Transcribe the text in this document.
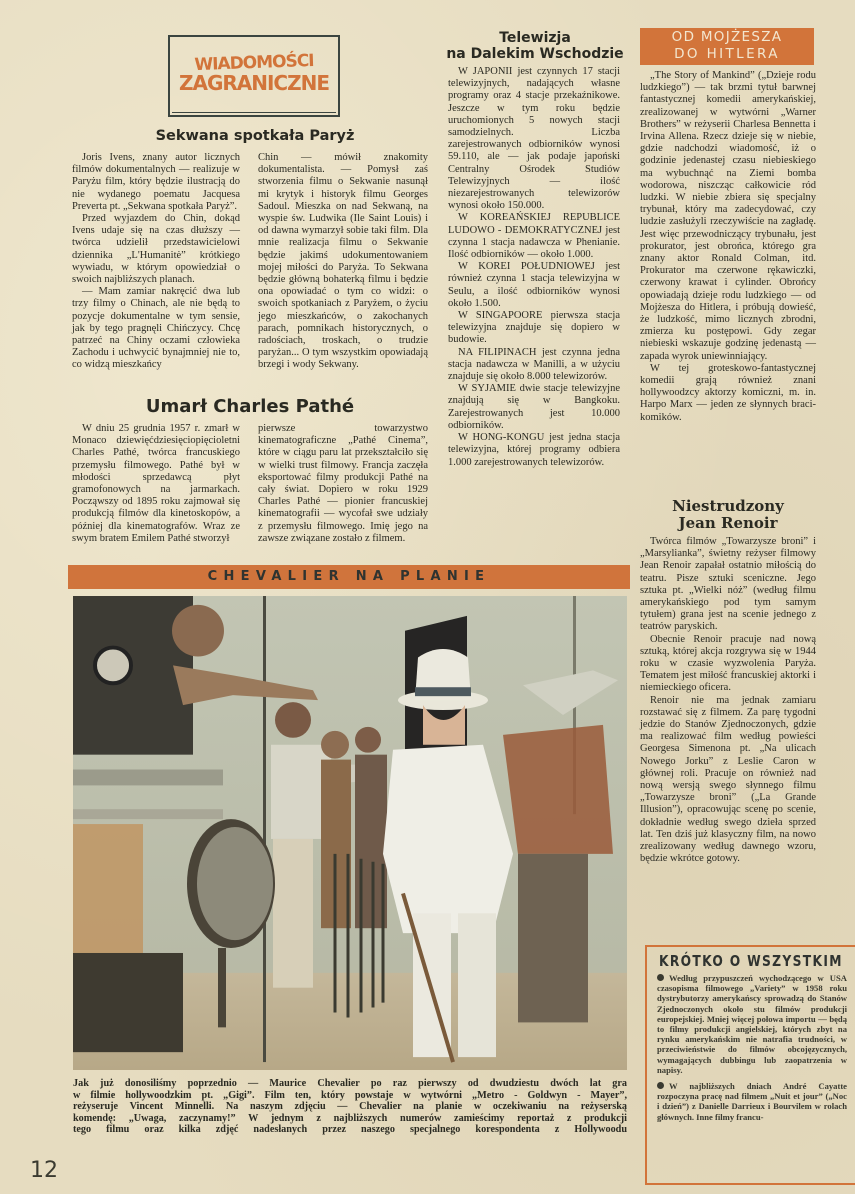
WIADOMOŚCI
ZAGRANICZNE
Sekwana spotkała Paryż

Joris Ivens, znany autor licznych filmów dokumentalnych — realizuje w Paryżu film, który będzie ilustracją do nie wydanego poematu Jacquesa Preverta pt. „Sekwana spotkała Paryż”.

Przed wyjazdem do Chin, dokąd Ivens udaje się na czas dłuższy — twórca udzielił przedstawicielowi dziennika „L'Humanitė” krótkiego wywiadu, w którym opowiedział o swoich najbliższych planach.

— Mam zamiar nakręcić dwa lub trzy filmy o Chinach, ale nie będą to pozycje dokumentalne w tym sensie, jak by tego pragnęli Chińczycy. Chcę patrzeć na Chiny oczami człowieka Zachodu i uchwycić bynajmniej nie to, co widzą mieszkańcy

Chin — mówił znakomity dokumentalista. — Pomysł zaś stworzenia filmu o Sekwanie nasunął mi krytyk i historyk filmu Georges Sadoul. Mieszka on nad Sekwaną, na wyspie św. Ludwika (Ile Saint Louis) i od dawna wymarzył sobie taki film. Dla mnie realizacja filmu o Sekwanie będzie jakimś udokumentowaniem mojej miłości do Paryża. To Sekwana będzie główną bohaterką filmu i będzie ona opowiadać o tym co widzi: o swoich spotkaniach z Paryżem, o życiu jego mieszkańców, o zakochanych parach, pomnikach historycznych, o radościach, troskach, o trudzie paryżan... O tym wszystkim opowiadają brzegi i wody Sekwany.

Umarł Charles Pathé

W dniu 25 grudnia 1957 r. zmarł w Monaco dziewięćdziesięciopięcioletni Charles Pathé, twórca francuskiego przemysłu filmowego. Pathé był w młodości sprzedawcą płyt gramofonowych na jarmarkach. Począwszy od 1895 roku zajmował się produkcją filmów dla kinetoskopów, a później dla kinematografów. Wraz ze swym bratem Emilem Pathé stworzył

pierwsze towarzystwo kinematograficzne „Pathé Cinema”, które w ciągu paru lat przekształciło się w wielki trust filmowy. Francja zaczęła eksportować filmy produkcji Pathé na cały świat. Dopiero w roku 1929 Charles Pathé — pionier francuskiej kinematografii — wycofał swe udziały z przemysłu filmowego. Imię jego na zawsze związane zostało z filmem.

Telewizja
na Dalekim Wschodzie

W JAPONII jest czynnych 17 stacji telewizyjnych, nadających własne programy oraz 4 stacje przekaźnikowe. Jeszcze w tym roku będzie uruchomionych 5 nowych stacji samodzielnych. Liczba zarejestrowanych odbiorników wynosi 59.110, ale — jak podaje japoński Centralny Ośrodek Studiów Telewizyjnych — ilość niezarejestrowanych telewizorów wynosi około 150.000.

W KOREAŃSKIEJ REPUBLICE LUDOWO - DEMOKRATYCZNEJ jest czynna 1 stacja nadawcza w Phenianie. Ilość odbiorników — około 1.000.

W KOREI POŁUDNIOWEJ jest również czynna 1 stacja telewizyjna w Seulu, a ilość odbiorników wynosi około 1.500.

W SINGAPOORE pierwsza stacja telewizyjna znajduje się dopiero w budowie.

NA FILIPINACH jest czynna jedna stacja nadawcza w Manilli, a w użyciu znajduje się około 8.000 telewizorów.

W SYJAMIE dwie stacje telewizyjne znajdują się w Bangkoku. Zarejestrowanych jest 10.000 odbiorników.

W HONG-KONGU jest jedna stacja telewizyjna, której programy odbiera 1.000 zarejestrowanych telewizorów.

OD MOJŻESZA
DO HITLERA

„The Story of Mankind” („Dzieje rodu ludzkiego”) — tak brzmi tytuł barwnej fantastycznej komedii amerykańskiej, zrealizowanej w wytwórni „Warner Brothers” w reżyserii Charlesa Bennetta i Irvina Allena. Rzecz dzieje się w niebie, gdzie nadchodzi wiadomość, iż o godzinie jedenastej czasu niebieskiego ma wybuchnąć na Ziemi bomba wodorowa, niszcząc całkowicie ród ludzki. W niebie zbiera się specjalny trybunał, który ma zadecydować, czy ludzie zasłużyli rzeczywiście na zagładę. Jest więc przewodniczący trybunału, jest prokurator, jest obrońca, którego gra znany aktor Ronald Colman, itd. Prokurator ma czerwone rękawiczki, czerwony krawat i cylinder. Obrońcy opowiadają dzieje rodu ludzkiego — od Mojżesza do Hitlera, i próbują dowieść, że ludzkość, mimo licznych zbrodni, zmierza ku postępowi. Gdy zegar niebieski wskazuje godzinę jedenastą — zapada wyrok uniewinniający.

W tej groteskowo-fantastycznej komedii grają również znani hollywoodzcy aktorzy komiczni, m. in. Harpo Marx — jeden ze słynnych braci-komików.

Niestrudzony
Jean Renoir

Twórca filmów „Towarzysze broni” i „Marsylianka”, świetny reżyser filmowy Jean Renoir zapałał ostatnio miłością do teatru. Pisze sztuki sceniczne. Jego sztuka pt. „Wielki nóż” (według filmu amerykańskiego pod tym samym tytułem) grana jest na scenie jednego z teatrów paryskich.

Obecnie Renoir pracuje nad nową sztuką, której akcja rozgrywa się w 1944 roku w czasie wyzwolenia Paryża. Tematem jest miłość francuskiej aktorki i niemieckiego oficera.

Renoir nie ma jednak zamiaru rozstawać się z filmem. Za parę tygodni jedzie do Stanów Zjednoczonych, gdzie ma realizować film według powieści Georgesa Simenona pt. „Na ulicach Nowego Jorku” z Leslie Caron w głównej roli. Pracuje on również nad nową wersją swego słynnego filmu „Towarzysze broni” („La Grande Illusion”), opracowując scenę po scenie, dokładnie według swego dzieła sprzed lat. Ten dziś już klasyczny film, na nowo zrealizowany według dawnego wzoru, będzie wkrótce gotowy.

CHEVALIER NA PLANIE
Jak już donosiliśmy poprzednio — Maurice Chevalier po raz pierwszy od dwudziestu dwóch lat gra
w filmie hollywoodzkim pt. „Gigi”. Film ten, który powstaje w wytwórni „Metro - Goldwyn - Mayer”,
reżyseruje Vincent Minnelli. Na naszym zdjęciu — Chevalier na planie w oczekiwaniu na reżyserską
komendę: „Uwaga, zaczynamy!” W jednym z najbliższych numerów zamieścimy reportaż z produkcji
tego filmu oraz kilka zdjęć nadesłanych przez naszego specjalnego korespondenta z Hollywoodu
KRÓTKO O WSZYSTKIM

Według przypuszczeń wychodzącego w USA czasopisma filmowego „Variety” w 1958 roku dystrybutorzy amerykańscy sprowadzą do Stanów Zjednoczonych około stu filmów produkcji europejskiej. Mniej więcej połowa importu — będą to filmy produkcji angielskiej, których zbyt na rynku amerykańskim nie natrafia trudności, w przeciwieństwie do filmów obcojęzycznych, wymagających dubbingu lub zaopatrzenia w napisy.

W najbliższych dniach André Cayatte rozpoczyna pracę nad filmem „Nuit et jour” („Noc i dzień”) z Danielle Darrieux i Bourvilem w rolach głównych. Inne filmy francu-

12
